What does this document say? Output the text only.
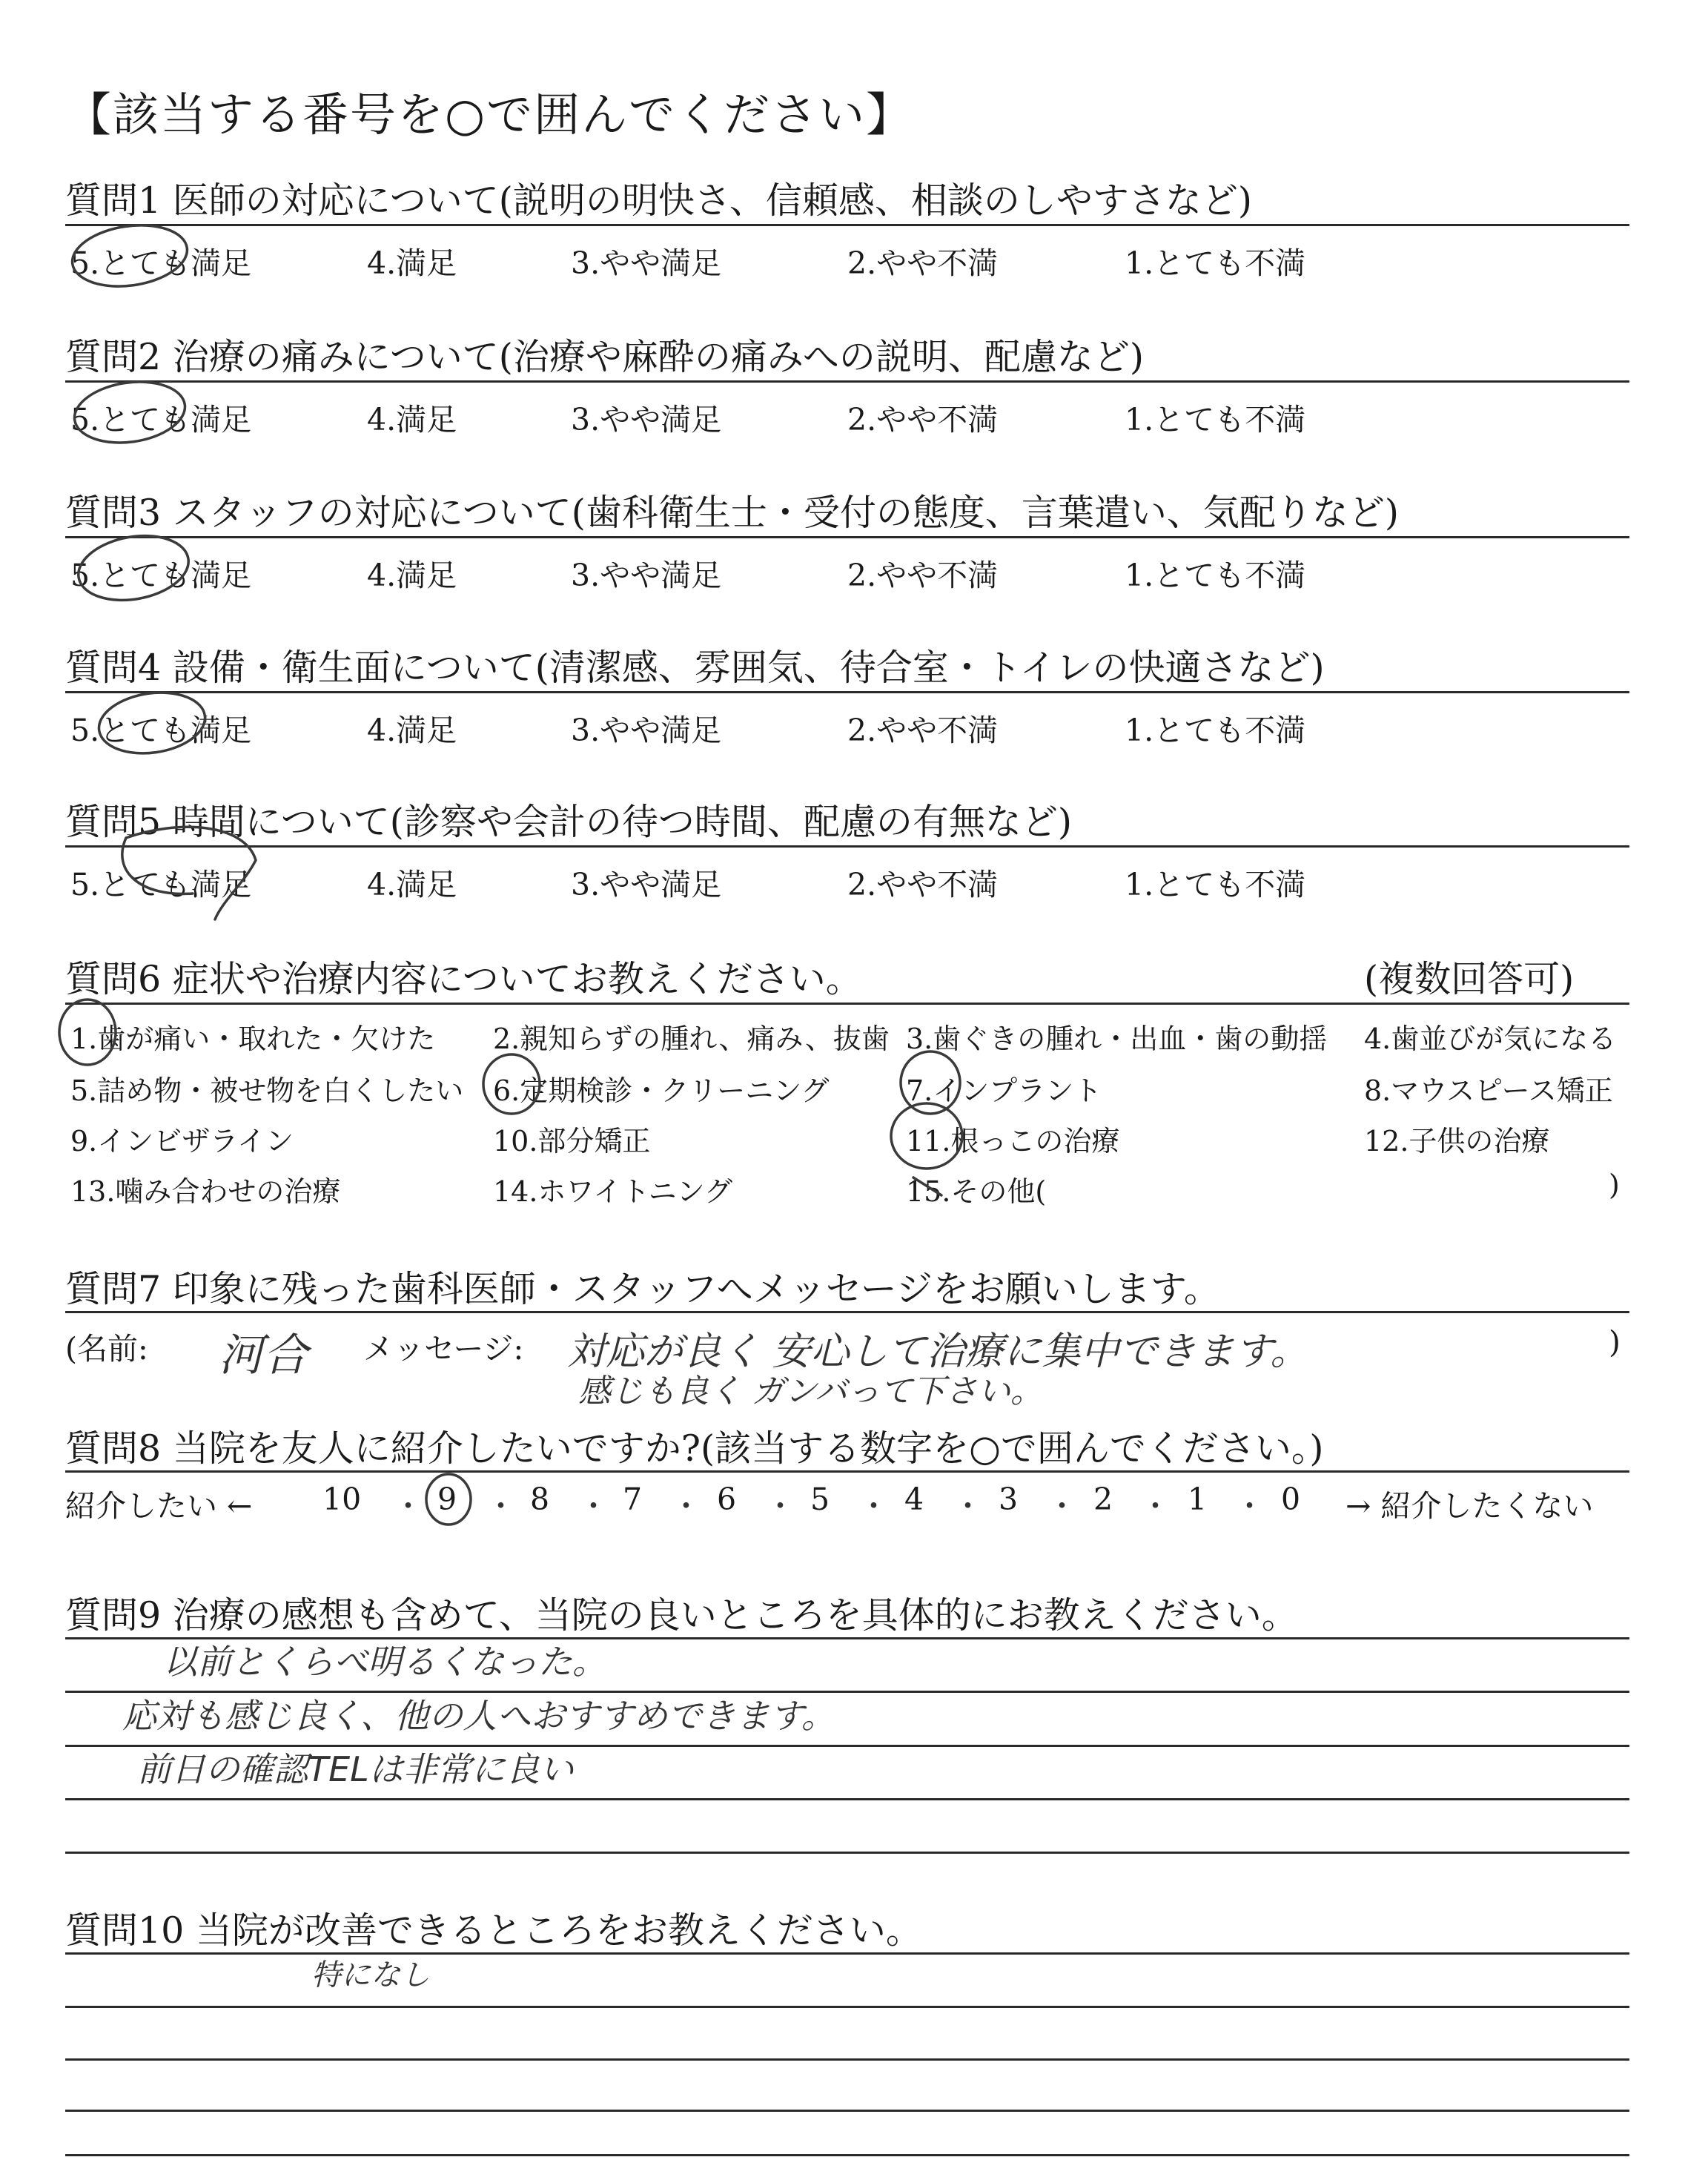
【該当する番号を○で囲んでください】
質問1 医師の対応について(説明の明快さ、信頼感、相談のしやすさなど)
5.とても満足	4.満足	3.やや満足	2.やや不満	1.とても不満
質問2 治療の痛みについて(治療や麻酔の痛みへの説明、配慮など)
5.とても満足	4.満足	3.やや満足	2.やや不満	1.とても不満
質問3 スタッフの対応について(歯科衛生士・受付の態度、言葉遣い、気配りなど)
5.とても満足	4.満足	3.やや満足	2.やや不満	1.とても不満
質問4 設備・衛生面について(清潔感、雰囲気、待合室・トイレの快適さなど)
5.とても満足	4.満足	3.やや満足	2.やや不満	1.とても不満
質問5 時間について(診察や会計の待つ時間、配慮の有無など)
5.とても満足	4.満足	3.やや満足	2.やや不満	1.とても不満
質問6 症状や治療内容についてお教えください。	(複数回答可)
1.歯が痛い・取れた・欠けた 2.親知らずの腫れ、痛み、抜歯 3.歯ぐきの腫れ・出血・歯の動揺 4.歯並びが気になる
5.詰め物・被せ物を白くしたい 6.定期検診・クリーニング	7.インプラント	8.マウスピース矯正
9.インビザライン	10.部分矯正	11.根っこの治療	12.子供の治療
13.噛み合わせの治療	14.ホワイトニング	15.その他(	)
質問7 印象に残った歯科医師・スタッフへメッセージをお願いします。
(名前: 河合 メッセージ: 対応が良く 安心して治療に集中できます。
感じも良く ガンバって下さい。
)
質問8 当院を友人に紹介したいですか?(該当する数字を○で囲んでください。)
紹介したい ← 10 ・ 9 ・ 8 ・ 7 ・ 6 ・ 5 ・ 4 ・ 3 ・ 2 ・ 1 ・ 0 → 紹介したくない
質問9 治療の感想も含めて、当院の良いところを具体的にお教えください。
以前とくらべ明るくなった。
応対も感じ良く、他の人へおすすめできます。
前日の確認TELは非常に良い
質問10 当院が改善できるところをお教えください。
特になし
